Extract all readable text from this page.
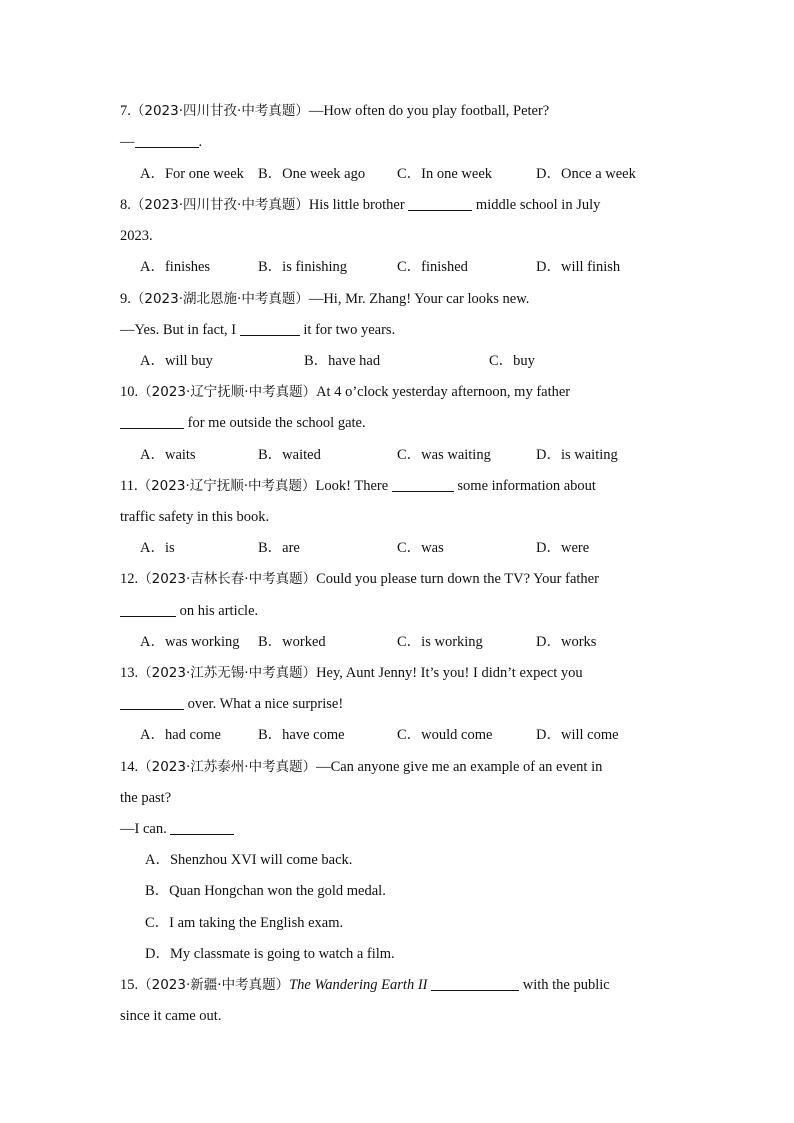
7.（2023·四川甘孜·中考真题）—How often do you play football, Peter?
—	.
A．For one week B．One week ago C．In one week	D．Once a week
8.（2023·四川甘孜·中考真题）His little brother	middle school in July
2023.
A．finishes	B．is finishing	C．finished	D．will finish
9.（2023·湖北恩施·中考真题）—Hi, Mr. Zhang! Your car looks new.
—Yes. But in fact, I	it for two years.
A．will buy	B．have had	C．buy
10.（2023·辽宁抚顺·中考真题）At 4 o’clock yesterday afternoon, my father
for me outside the school gate.
A．waits	B．waited	C．was waiting	D．is waiting
11.（2023·辽宁抚顺·中考真题）Look! There	some information about
traffic safety in this book.
A．is	B．are	C．was	D．were
12.（2023·吉林长春·中考真题）Could you please turn down the TV? Your father
on his article.
A．was working B．worked	C．is working	D．works
13.（2023·江苏无锡·中考真题）Hey, Aunt Jenny! It’s you! I didn’t expect you
over. What a nice surprise!
A．had come	B．have come	C．would come	D．will come
14.（2023·江苏泰州·中考真题）—Can anyone give me an example of an event in
the past?
—I can.
A．Shenzhou XVI will come back.
B．Quan Hongchan won the gold medal.
C．I am taking the English exam.
D．My classmate is going to watch a film.
15.（2023·新疆·中考真题）The Wandering Earth II	with the public
since it came out.
